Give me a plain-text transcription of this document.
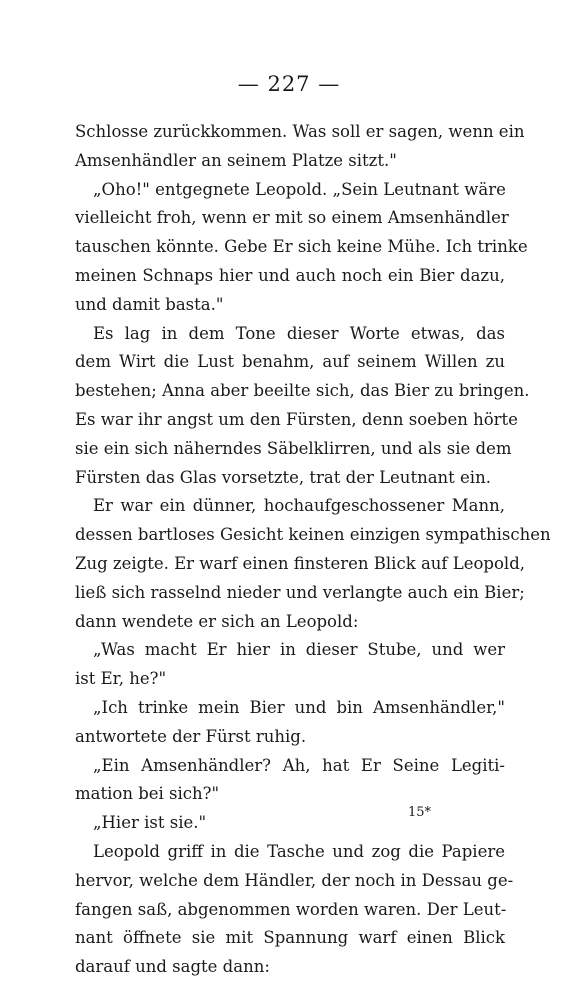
— 227 —
Schlosse zurückkommen. Was soll er sagen, wenn ein
Amsenhändler an seinem Platze sitzt."
„Oho!" entgegnete Leopold. „Sein Leutnant wäre
vielleicht froh, wenn er mit so einem Amsenhändler
tauschen könnte. Gebe Er sich keine Mühe. Ich trinke
meinen Schnaps hier und auch noch ein Bier dazu,
und damit basta."
Es lag in dem Tone dieser Worte etwas, das
dem Wirt die Lust benahm, auf seinem Willen zu
bestehen; Anna aber beeilte sich, das Bier zu bringen.
Es war ihr angst um den Fürsten, denn soeben hörte
sie ein sich näherndes Säbelklirren, und als sie dem
Fürsten das Glas vorsetzte, trat der Leutnant ein.
Er war ein dünner, hochaufgeschossener Mann,
dessen bartloses Gesicht keinen einzigen sympathischen
Zug zeigte. Er warf einen finsteren Blick auf Leopold,
ließ sich rasselnd nieder und verlangte auch ein Bier;
dann wendete er sich an Leopold:
„Was macht Er hier in dieser Stube, und wer
ist Er, he?"
„Ich trinke mein Bier und bin Amsenhändler,"
antwortete der Fürst ruhig.
„Ein Amsenhändler? Ah, hat Er Seine Legiti-
mation bei sich?"
„Hier ist sie."
Leopold griff in die Tasche und zog die Papiere
hervor, welche dem Händler, der noch in Dessau ge-
fangen saß, abgenommen worden waren. Der Leut-
nant öffnete sie mit Spannung warf einen Blick
darauf und sagte dann:
15*
